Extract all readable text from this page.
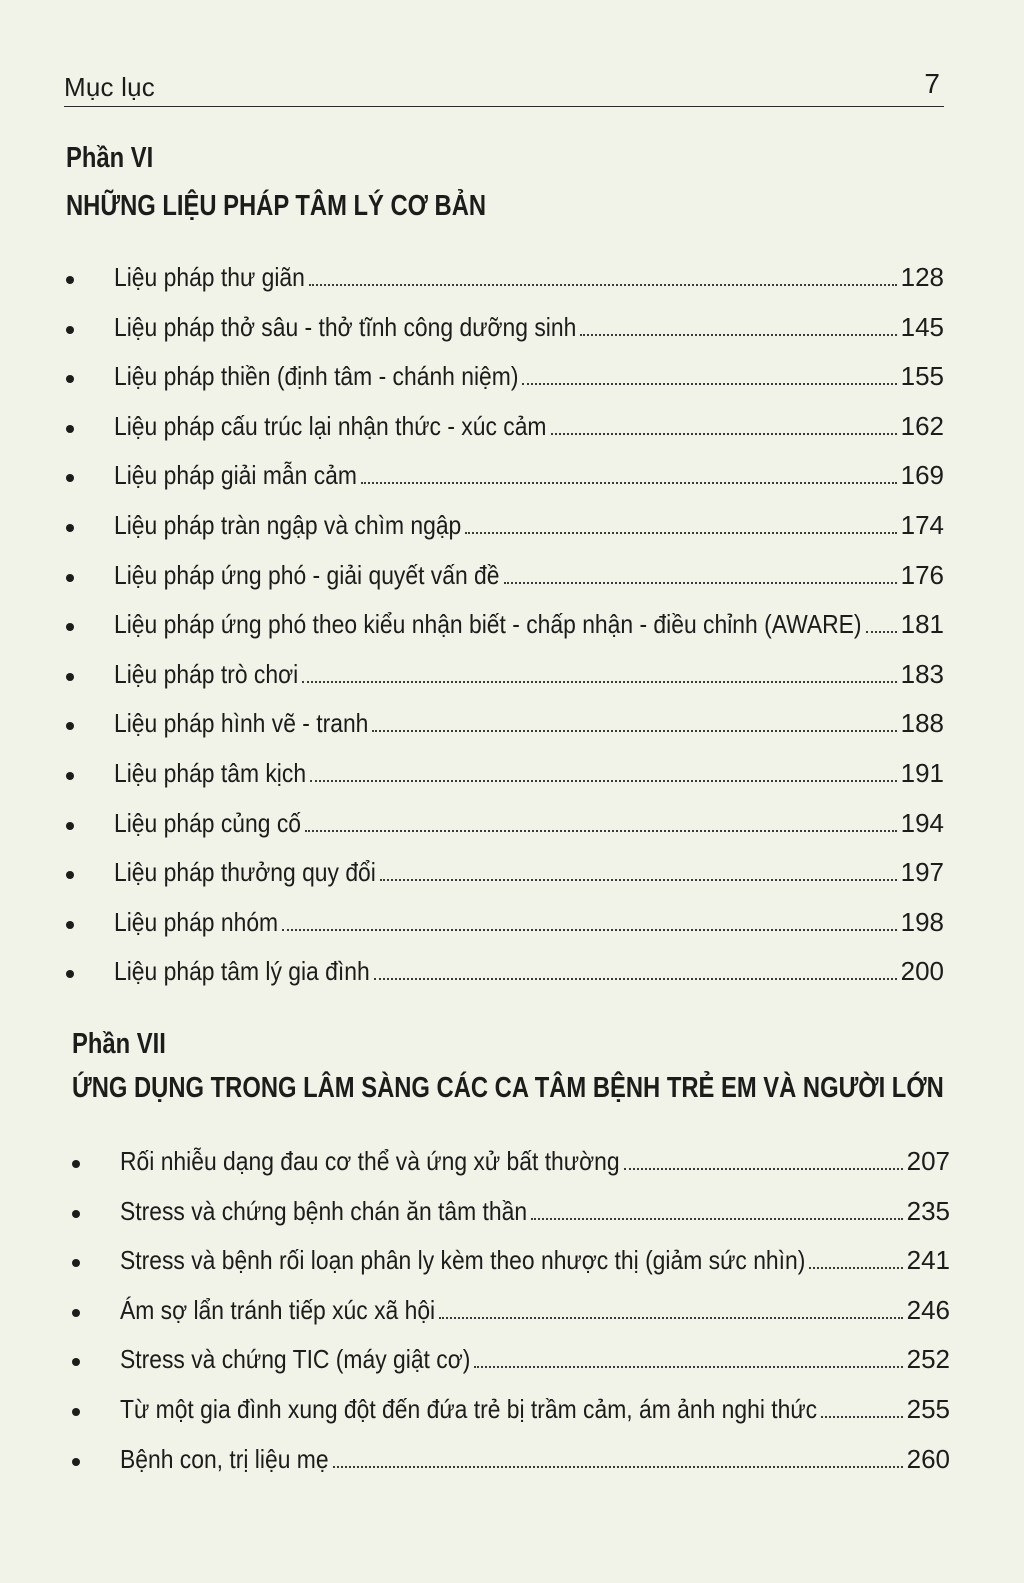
Mục lục	7
Phần VI
NHỮNG LIỆU PHÁP TÂM LÝ CƠ BẢN
Liệu pháp thư giãn	128
Liệu pháp thở sâu - thở tĩnh công dưỡng sinh	145
Liệu pháp thiền (định tâm - chánh niệm)	155
Liệu pháp cấu trúc lại nhận thức - xúc cảm	162
Liệu pháp giải mẫn cảm	169
Liệu pháp tràn ngập và chìm ngập	174
Liệu pháp ứng phó - giải quyết vấn đề	176
Liệu pháp ứng phó theo kiểu nhận biết - chấp nhận - điều chỉnh (AWARE) 181
Liệu pháp trò chơi	183
Liệu pháp hình vẽ - tranh	188
Liệu pháp tâm kịch	191
Liệu pháp củng cố	194
Liệu pháp thưởng quy đổi	197
Liệu pháp nhóm	198
Liệu pháp tâm lý gia đình	200
Phần VII
ỨNG DỤNG TRONG LÂM SÀNG CÁC CA TÂM BỆNH TRẺ EM VÀ NGƯỜI LỚN
Rối nhiễu dạng đau cơ thể và ứng xử bất thường	207
Stress và chứng bệnh chán ăn tâm thần	235
Stress và bệnh rối loạn phân ly kèm theo nhược thị (giảm sức nhìn)	241
Ám sợ lẩn tránh tiếp xúc xã hội	246
Stress và chứng TIC (máy giật cơ)	252
Từ một gia đình xung đột đến đứa trẻ bị trầm cảm, ám ảnh nghi thức	255
Bệnh con, trị liệu mẹ	260
